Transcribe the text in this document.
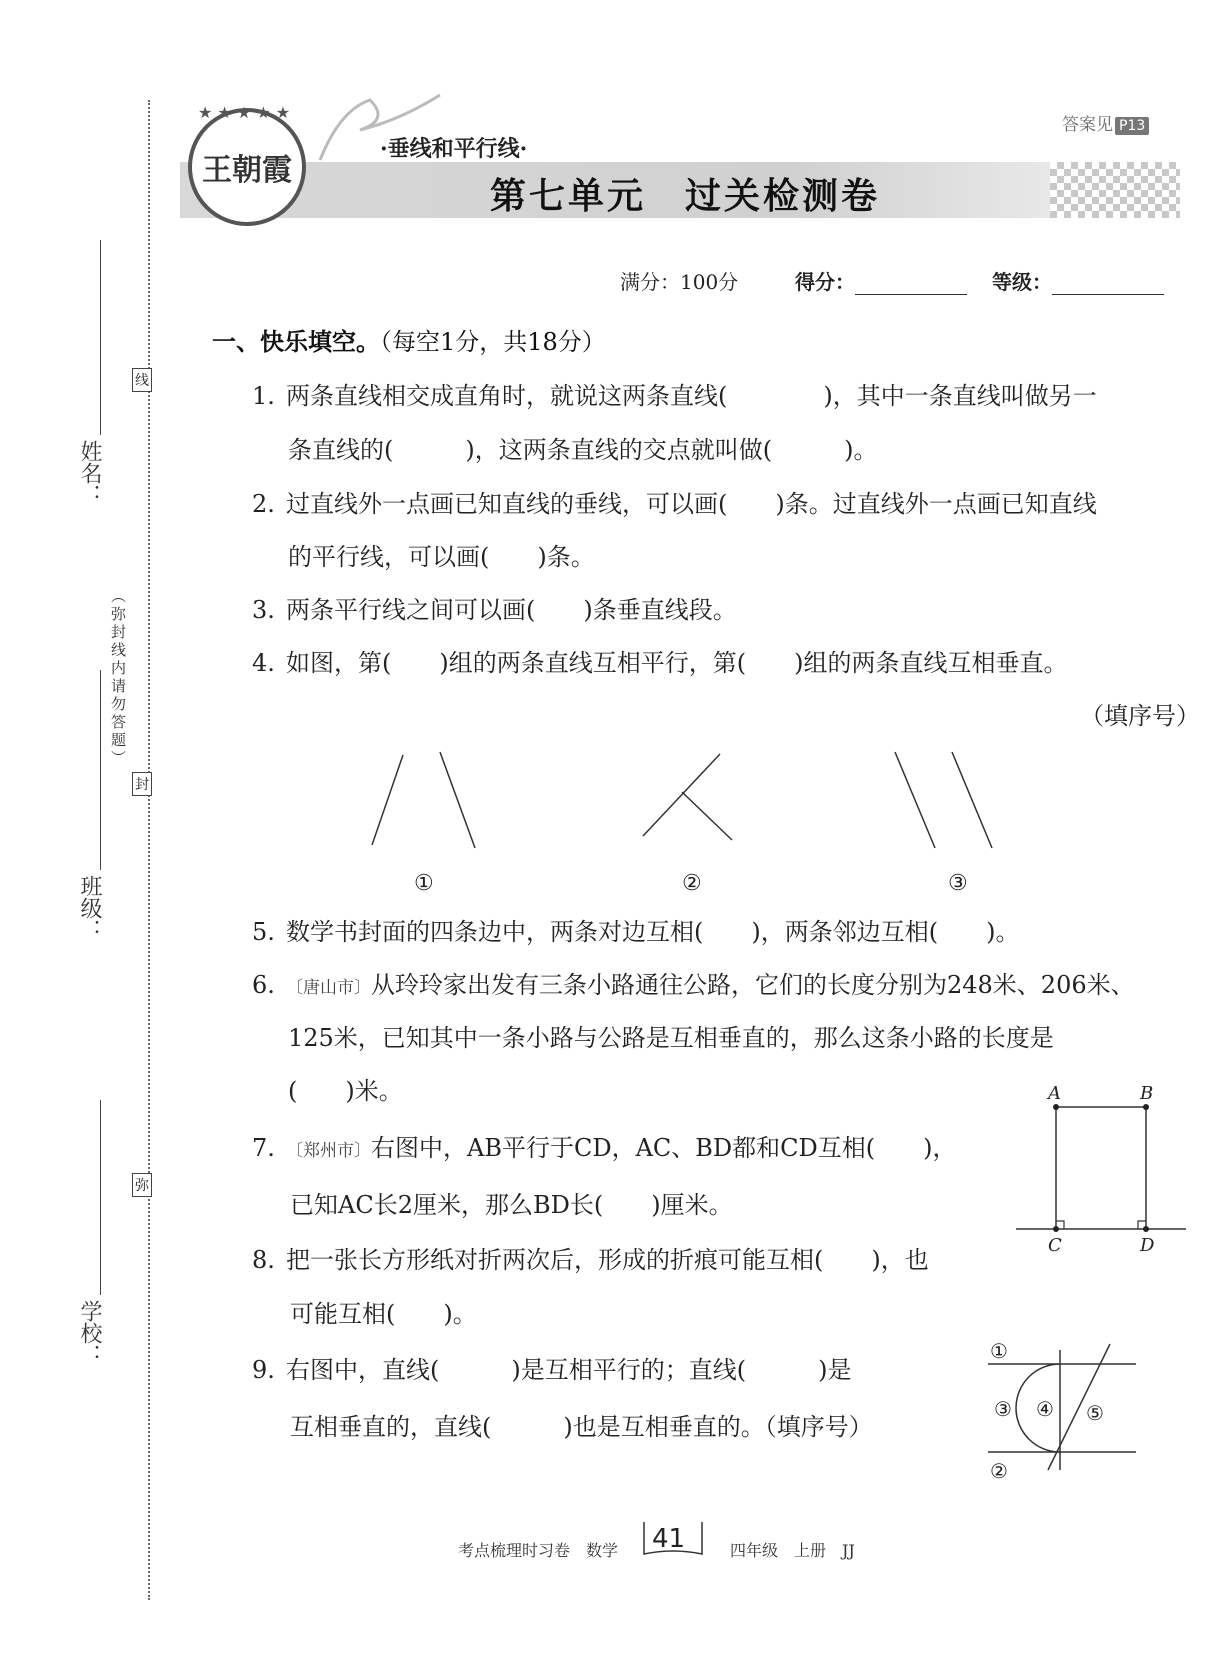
姓名：
班级：
学校：
线
封
弥
（弥封线内请勿答题）
王朝霞
★ ★ ★ ★ ★
·垂线和平行线·
第七单元　过关检测卷
答案见 P13
满分：100分	得分：	等级：
一、快乐填空。（每空1分，共18分）
1. 两条直线相交成直角时，就说这两条直线(　　　　)，其中一条直线叫做另一
条直线的(　　　)，这两条直线的交点就叫做(　　　)。
2. 过直线外一点画已知直线的垂线，可以画(　　)条。过直线外一点画已知直线
的平行线，可以画(　　)条。
3. 两条平行线之间可以画(　　)条垂直线段。
4. 如图，第(　　)组的两条直线互相平行，第(　　)组的两条直线互相垂直。
（填序号）
①	②	③
5. 数学书封面的四条边中，两条对边互相(　　)，两条邻边互相(　　)。
6. 〔唐山市〕从玲玲家出发有三条小路通往公路，它们的长度分别为248米、206米、
125米，已知其中一条小路与公路是互相垂直的，那么这条小路的长度是
(　　)米。
7. 〔郑州市〕右图中，AB平行于CD，AC、BD都和CD互相(　　)，
已知AC长2厘米，那么BD长(　　)厘米。
A	B
C	D
8. 把一张长方形纸对折两次后，形成的折痕可能互相(　　)，也
可能互相(　　)。
9. 右图中，直线(　　　)是互相平行的；直线(　　　)是
互相垂直的，直线(　　　)也是互相垂直的。（填序号）
①
②
③ ④ ⑤
考点梳理时习卷　数学 41	四年级　上册　JJ
